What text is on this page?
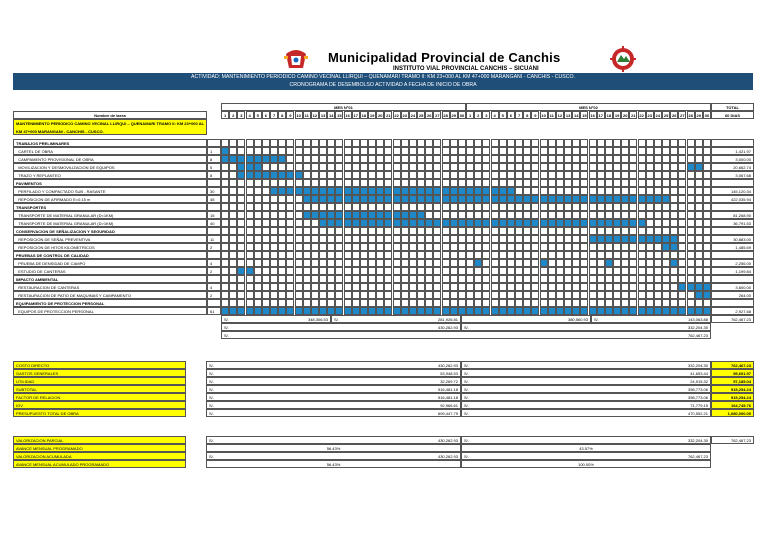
Municipalidad Provincial de Canchis
INSTITUTO VIAL PROVINCIAL CANCHIS – SICUANI
ACTIVIDAD: MANTENIMIENTO PERIODICO CAMINO VECINAL LLIRQUI – QUENAMARI TRAMO II: KM 23+000 AL KM 47+000 MARANGANI - CANCHIS - CUSCO.
CRONOGRAMA DE DESEMBOLSO ACTIVIDAD A FECHA DE INICIO DE OBRA
MES N°01	MES N°02	TOTAL
Nombre de tarea	60 DIAS
1	2	3	4	5	6	7	8	9	10 11 12 13 14 15 16 17 18 19 20 21 22 23 24 25 26 27 28 29 30	1	2	3	4	5	6	7	8	9	10 11 12 13 14 15 16 17 18 19 20 21 22 23 24 25 26 27 28 29 30
MANTENIMIENTO PERIODICO CAMINO VECINAL LLIRQUI – QUENAMARI TRAMO II: KM 23+000 AL KM 47+000 MARANGANI - CANCHIS - CUSCO.
TRABAJOS PRELIMINARES
CARTEL DE OBRA	1	1,421.97
CAMPAMENTO PROVISIONAL DE OBRA	8	3,000.00
MOVILIZACION Y DESMOVILIZACION DE EQUIPOS	5	20,662.74
TRAZO Y REPLANTEO	8	3,067.68
PAVIMENTOS
PERFILADO Y COMPACTADO SUB - RASANTE	30	145,120.34
REPOSICION DE AFIRMADO E=0.15 m	45	422,035.94
TRANSPORTES
TRANSPORTE DE MATERIAL GRANULAR (D<1KM)	15	81,268.90
TRANSPORTE DE MATERIAL GRANULAR (D>1KM)	40	36,791.53
CONSERVACION DE SEÑALIZACION Y SEGURIDAD
REPOSICION DE SEÑAL PREVENTIVA	11	30,883.00
REPOSICION DE HITOS KILOMETRICOS	2	1,485.69
PRUEBAS DE CONTROL DE CALIDAD
PRUEBA DE DENSIDAD DE CAMPO	4	2,256.00
ESTUDIO DE CANTERAS	2	1,199.84
IMPACTO AMBIENTAL
RESTAURACION DE CANTERAS	4	3,600.00
RESTAURACION DE PATIO DE MAQUINAS Y CAMPAMENTO	2	264.00
EQUIPAMIENTO DE PROTECCION PERSONAL
EQUIPOS DE PROTECCION PERSONAL	61	2,927.68
S/.	348,306.53	S/.	281,926.81	380,560.93	S/.	143,063.88	762,467.23
S/.	430,262.93	S/.	332,204.30
S/.	762,467.23
COSTO DIRECTO	S/.	430,262.93	S/.	332,204.30	762,467.23
GASTOS GENERALES	S/.	53,948.53	S/.	41,653.44	95,601.97
UTILIDAD	S/.	32,269.72	S/.	24,915.32	57,185.04
SUBTOTAL	S/.	516,481.18	S/.	398,773.06	915,254.24
FACTOR DE RELACION	S/.	516,481.18	S/.	398,773.06	915,254.24
IGV	S/.	92,966.61	S/.	71,779.15	164,745.76
PRESUPUESTO TOTAL DE OBRA	S/.	609,447.79	S/.	470,552.21	1,080,000.00
VALORIZACION PARCIAL	S/.	430,262.93	S/.	332,204.30	762,467.23
AVANCE MENSUAL PROGRAMADO	56.43%	43.57%
VALORIZACION ACUMULADA	S/.	430,262.93	S/.	762,467.23
AVANCE MENSUAL ACUMULADO PROGRAMADO	56.43%	100.00%
